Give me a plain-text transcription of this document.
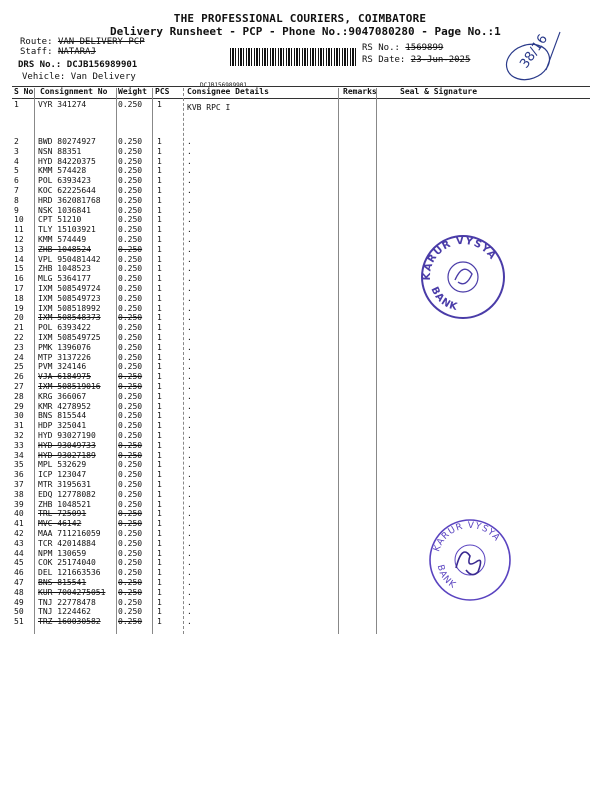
THE PROFESSIONAL COURIERS, COIMBATORE
Delivery Runsheet - PCP - Phone No.:9047080280 - Page No.:1
Route: VAN DELIVERY PCP
Staff: NATARAJ
DRS No.: DCJB156989901
Vehicle: Van Delivery
RS No.: 1569899
RS Date: 23-Jun-2025
DCJB156989901
38/16
S No Consignment No Weight PCS Consignee Details	Remarks	Seal & Signature
1 VYR 341274	0.250 1	KVB RPC I
2 BWD 80274927	0.250 1	.
3 NSN 88351	0.250 1	.
4 HYD 84220375	0.250 1	.
5 KMM 574428	0.250 1	.
6 POL 6393423	0.250 1	.
7 KOC 62225644	0.250 1	.
8 HRD 362081768 0.250 1	.
9 NSK 1036841	0.250 1	.
10 CPT 51210	0.250 1	.
11 TLY 15103921	0.250 1	.
12 KMM 574449	0.250 1	.
13 ZHB 1048524	0.250 1	.
14 VPL 950481442 0.250 1	.
15 ZHB 1048523	0.250 1	.
16 MLG 5364177	0.250 1	.
17 IXM 508549724 0.250 1	.
18 IXM 508549723 0.250 1	.
19 IXM 508518992 0.250 1	.
20 IXM 508548373 0.250 1	.
21 POL 6393422	0.250 1	.
22 IXM 508549725 0.250 1	.
23 PMK 1396076	0.250 1	.
24 MTP 3137226	0.250 1	.
25 PVM 324146	0.250 1	.
26 VJA 6184975	0.250 1	.
27 IXM 508519016 0.250 1	.
28 KRG 366067	0.250 1	.
29 KMR 4278952	0.250 1	.
30 BNS 815544	0.250 1	.
31 HDP 325041	0.250 1	.
32 HYD 93027190	0.250 1	.
33 HYD 93049733	0.250 1	.
34 HYD 93027189	0.250 1	.
35 MPL 532629	0.250 1	.
36 ICP 123047	0.250 1	.
37 MTR 3195631	0.250 1	.
38 EDQ 12778082	0.250 1	.
39 ZHB 1048521	0.250 1	.
40 TRL 725091	0.250 1	.
41 MVC 46142	0.250 1	.
42 MAA 711216059 0.250 1	.
43 TCR 42014884	0.250 1	.
44 NPM 130659	0.250 1	.
45 COK 25174040	0.250 1	.
46 DEL 121663536 0.250 1	.
47 BNS 815541	0.250 1	.
48 KUR 7004275051 0.250 1	.
49 TNJ 22778478	0.250 1	.
50 TNJ 1224462	0.250 1	.
51 TRZ 160030582 0.250 1	.
KARUR VYSYA
BANK
KARUR VYSYA
BANK
